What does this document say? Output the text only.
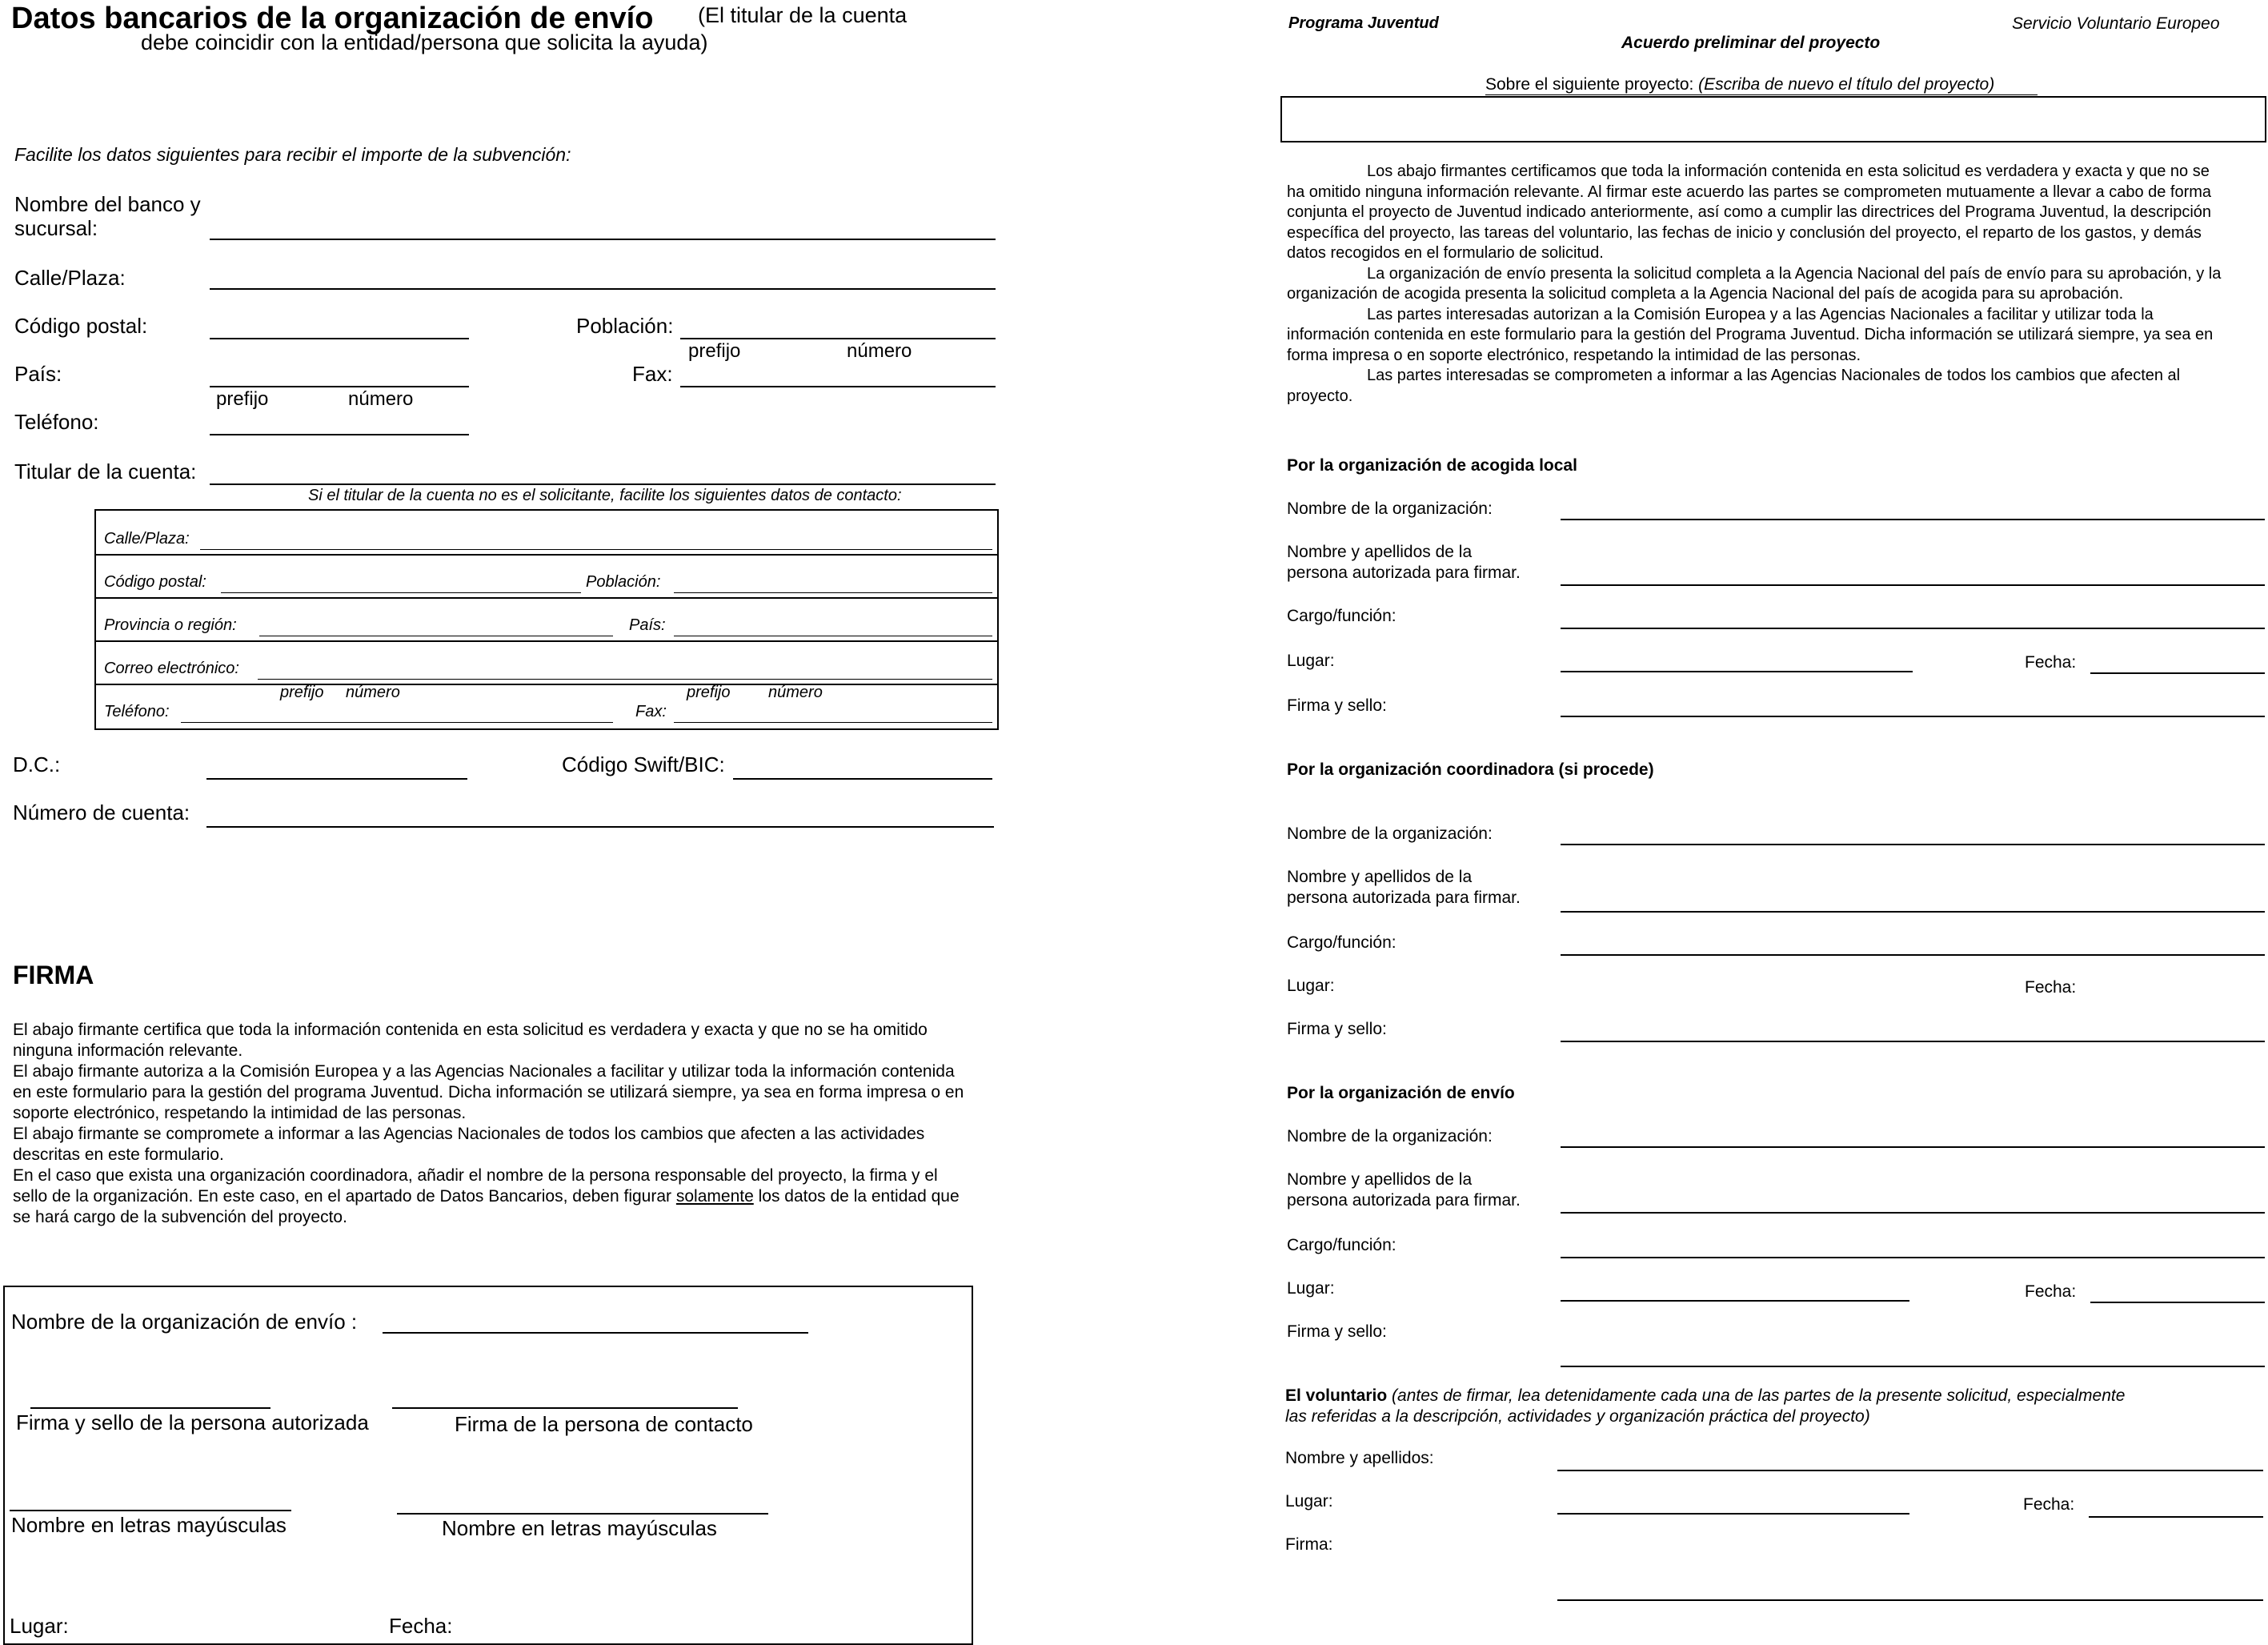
Datos bancarios de la organización de envío (El titular de la cuenta
debe coincidir con la entidad/persona que solicita la ayuda)
Facilite los datos siguientes para recibir el importe de la subvención:
Nombre del banco y
sucursal:
Calle/Plaza:
Código postal:	Población:
prefijo	número
País:	Fax:
prefijo	número
Teléfono:
Titular de la cuenta:
Si el titular de la cuenta no es el solicitante, facilite los siguientes datos de contacto:
Calle/Plaza:
Código postal:	Población:
Provincia o región:	País:
Correo electrónico:
prefijo número	prefijo número
Teléfono:	Fax:
D.C.:	Código Swift/BIC:
Número de cuenta:
FIRMA
El abajo firmante certifica que toda la información contenida en esta solicitud es verdadera y exacta y que no se ha omitido ninguna información relevante.
El abajo firmante autoriza a la Comisión Europea y a las Agencias Nacionales a facilitar y utilizar toda la información contenida en este formulario para la gestión del programa Juventud. Dicha información se utilizará siempre, ya sea en forma impresa o en soporte electrónico, respetando la intimidad de las personas.
El abajo firmante se compromete a informar a las Agencias Nacionales de todos los cambios que afecten a las actividades descritas en este formulario.
En el caso que exista una organización coordinadora, añadir el nombre de la persona responsable del proyecto, la firma y el sello de la organización. En este caso, en el apartado de Datos Bancarios, deben figurar solamente los datos de la entidad que se hará cargo de la subvención del proyecto.
Nombre de la organización de envío :
Firma y sello de la persona autorizada	Firma de la persona de contacto
Nombre en letras mayúsculas	Nombre en letras mayúsculas
Lugar:	Fecha:
Programa Juventud	Servicio Voluntario Europeo
Acuerdo preliminar del proyecto
Sobre el siguiente proyecto: (Escriba de nuevo el título del proyecto)
Los abajo firmantes certificamos que toda la información contenida en esta solicitud es verdadera y exacta y que no se ha omitido ninguna información relevante. Al firmar este acuerdo las partes se comprometen mutuamente a llevar a cabo de forma conjunta el proyecto de Juventud indicado anteriormente, así como a cumplir las directrices del Programa Juventud, la descripción específica del proyecto, las tareas del voluntario, las fechas de inicio y conclusión del proyecto, el reparto de los gastos, y demás datos recogidos en el formulario de solicitud.
La organización de envío presenta la solicitud completa a la Agencia Nacional del país de envío para su aprobación, y la organización de acogida presenta la solicitud completa a la Agencia Nacional del país de acogida para su aprobación.
Las partes interesadas autorizan a la Comisión Europea y a las Agencias Nacionales a facilitar y utilizar toda la información contenida en este formulario para la gestión del Programa Juventud. Dicha información se utilizará siempre, ya sea en forma impresa o en soporte electrónico, respetando la intimidad de las personas.
Las partes interesadas se comprometen a informar a las Agencias Nacionales de todos los cambios que afecten al proyecto.
Por la organización de acogida local
Nombre de la organización:
Nombre y apellidos de la
persona autorizada para firmar.
Cargo/función:
Lugar:	Fecha:
Firma y sello:
Por la organización coordinadora (si procede)
Nombre de la organización:
Nombre y apellidos de la
persona autorizada para firmar.
Cargo/función:
Lugar:	Fecha:
Firma y sello:
Por la organización de envío
Nombre de la organización:
Nombre y apellidos de la
persona autorizada para firmar.
Cargo/función:
Lugar:	Fecha:
Firma y sello:
El voluntario (antes de firmar, lea detenidamente cada una de las partes de la presente solicitud, especialmente
las referidas a la descripción, actividades y organización práctica del proyecto)
Nombre y apellidos:
Lugar:	Fecha:
Firma:
